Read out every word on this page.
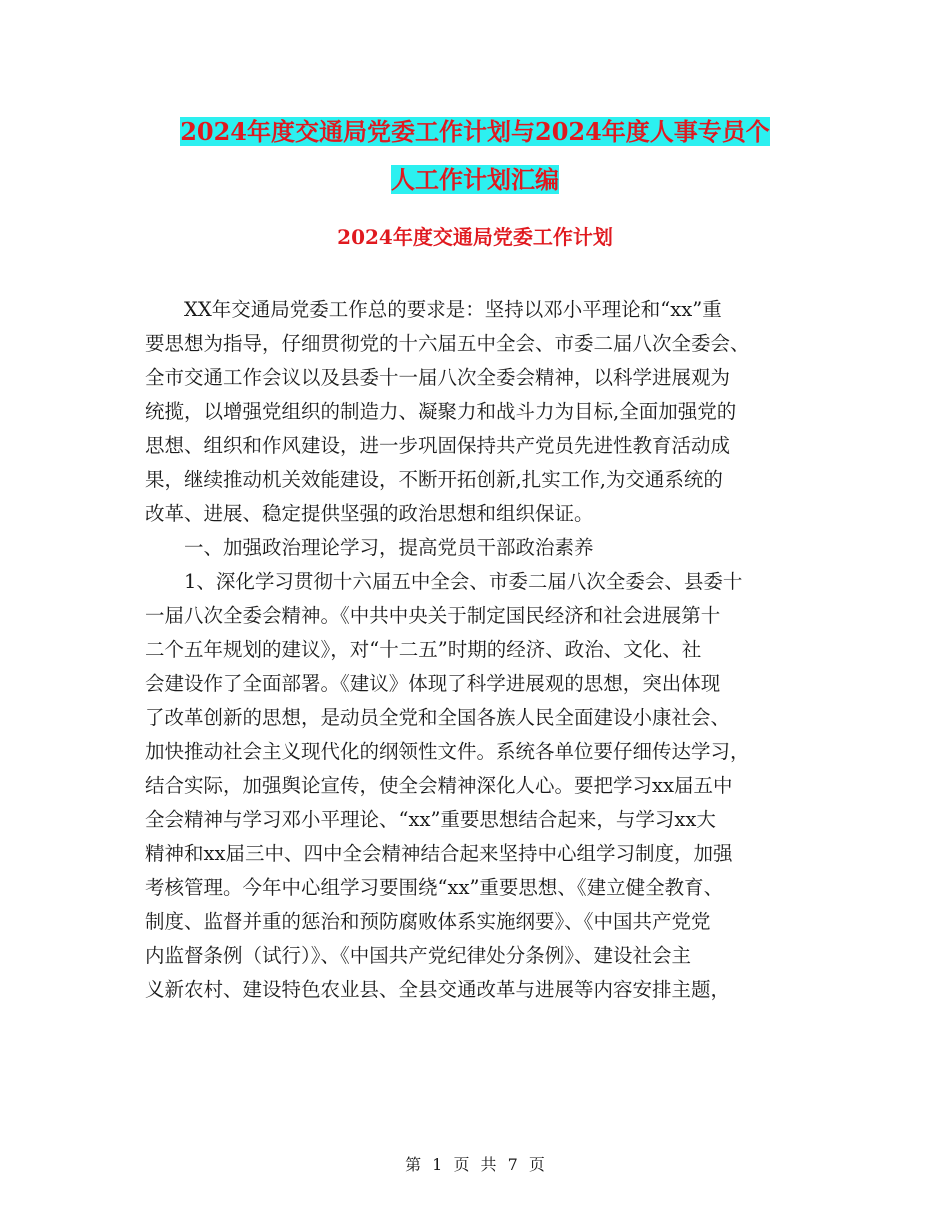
2024年度交通局党委工作计划与2024年度人事专员个
人工作计划汇编
2024年度交通局党委工作计划
XX年交通局党委工作总的要求是：坚持以邓小平理论和“xx”重
要思想为指导，仔细贯彻党的十六届五中全会、市委二届八次全委会、
全市交通工作会议以及县委十一届八次全委会精神，以科学进展观为
统揽，以增强党组织的制造力、凝聚力和战斗力为目标,全面加强党的
思想、组织和作风建设，进一步巩固保持共产党员先进性教育活动成
果，继续推动机关效能建设，不断开拓创新,扎实工作,为交通系统的
改革、进展、稳定提供坚强的政治思想和组织保证。
一、加强政治理论学习，提高党员干部政治素养
1、深化学习贯彻十六届五中全会、市委二届八次全委会、县委十
一届八次全委会精神。《中共中央关于制定国民经济和社会进展第十
二个五年规划的建议》，对“十二五”时期的经济、政治、文化、社
会建设作了全面部署。《建议》体现了科学进展观的思想，突出体现
了改革创新的思想，是动员全党和全国各族人民全面建设小康社会、
加快推动社会主义现代化的纲领性文件。系统各单位要仔细传达学习，
结合实际，加强舆论宣传，使全会精神深化人心。要把学习xx届五中
全会精神与学习邓小平理论、“xx”重要思想结合起来，与学习xx大
精神和xx届三中、四中全会精神结合起来坚持中心组学习制度，加强
考核管理。今年中心组学习要围绕“xx”重要思想、《建立健全教育、
制度、监督并重的惩治和预防腐败体系实施纲要》、《中国共产党党
内监督条例（试行）》、《中国共产党纪律处分条例》、建设社会主
义新农村、建设特色农业县、全县交通改革与进展等内容安排主题，
第 1 页 共 7 页
